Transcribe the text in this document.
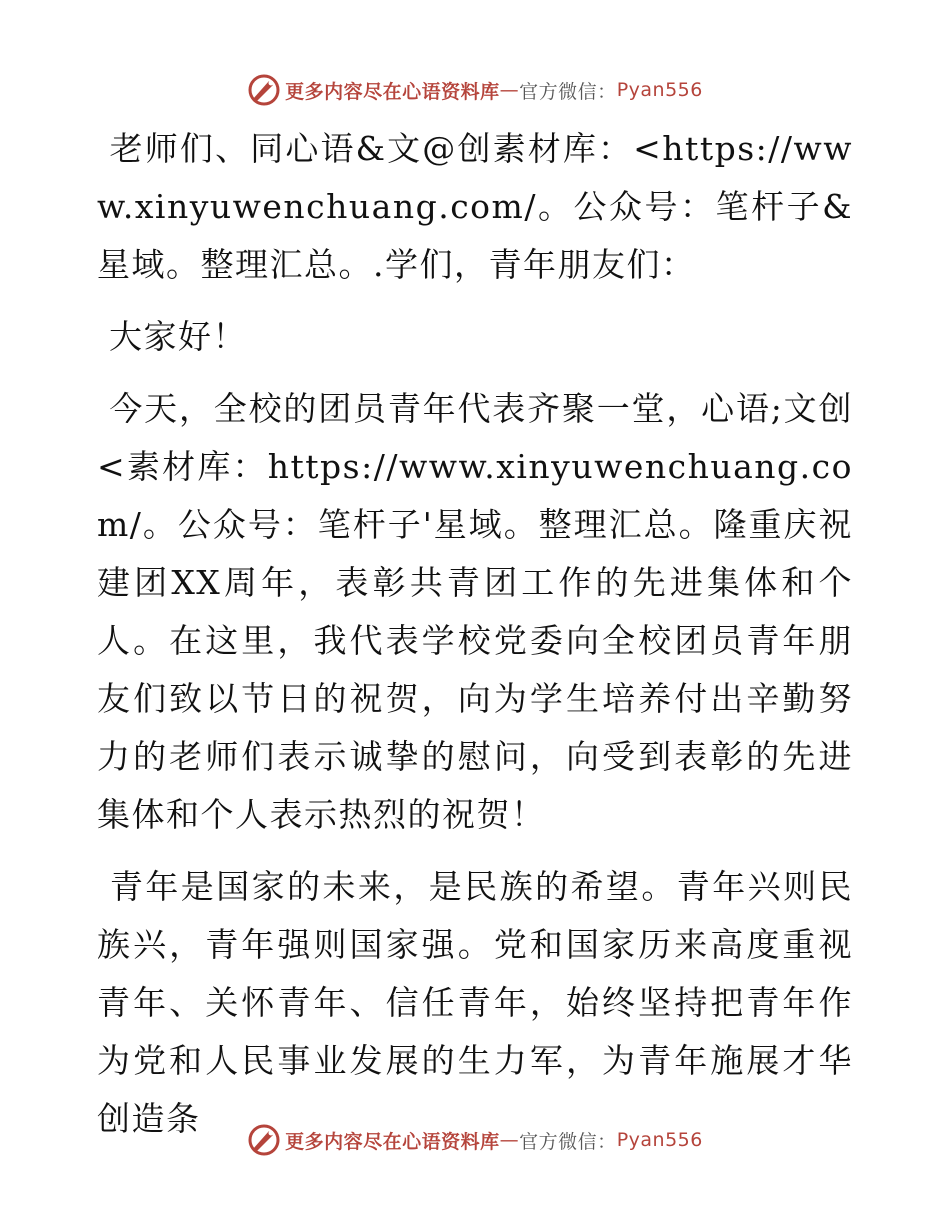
更多内容尽在心语资料库 — 官方微信： Pyan556

老师们、同心语&文@创素材库：<https://www.xinyuwenchuang.com/。公众号：笔杆子&星域。整理汇总。.学们，青年朋友们：

大家好！

今天，全校的团员青年代表齐聚一堂，心语;文创<素材库：https://www.xinyuwenchuang.com/。公众号：笔杆子'星域。整理汇总。隆重庆祝建团XX周年，表彰共青团工作的先进集体和个人。在这里，我代表学校党委向全校团员青年朋友们致以节日的祝贺，向为学生培养付出辛勤努力的老师们表示诚挚的慰问，向受到表彰的先进集体和个人表示热烈的祝贺！

青年是国家的未来，是民族的希望。青年兴则民族兴，青年强则国家强。党和国家历来高度重视青年、关怀青年、信任青年，始终坚持把青年作为党和人民事业发展的生力军，为青年施展才华创造条

更多内容尽在心语资料库 — 官方微信： Pyan556
